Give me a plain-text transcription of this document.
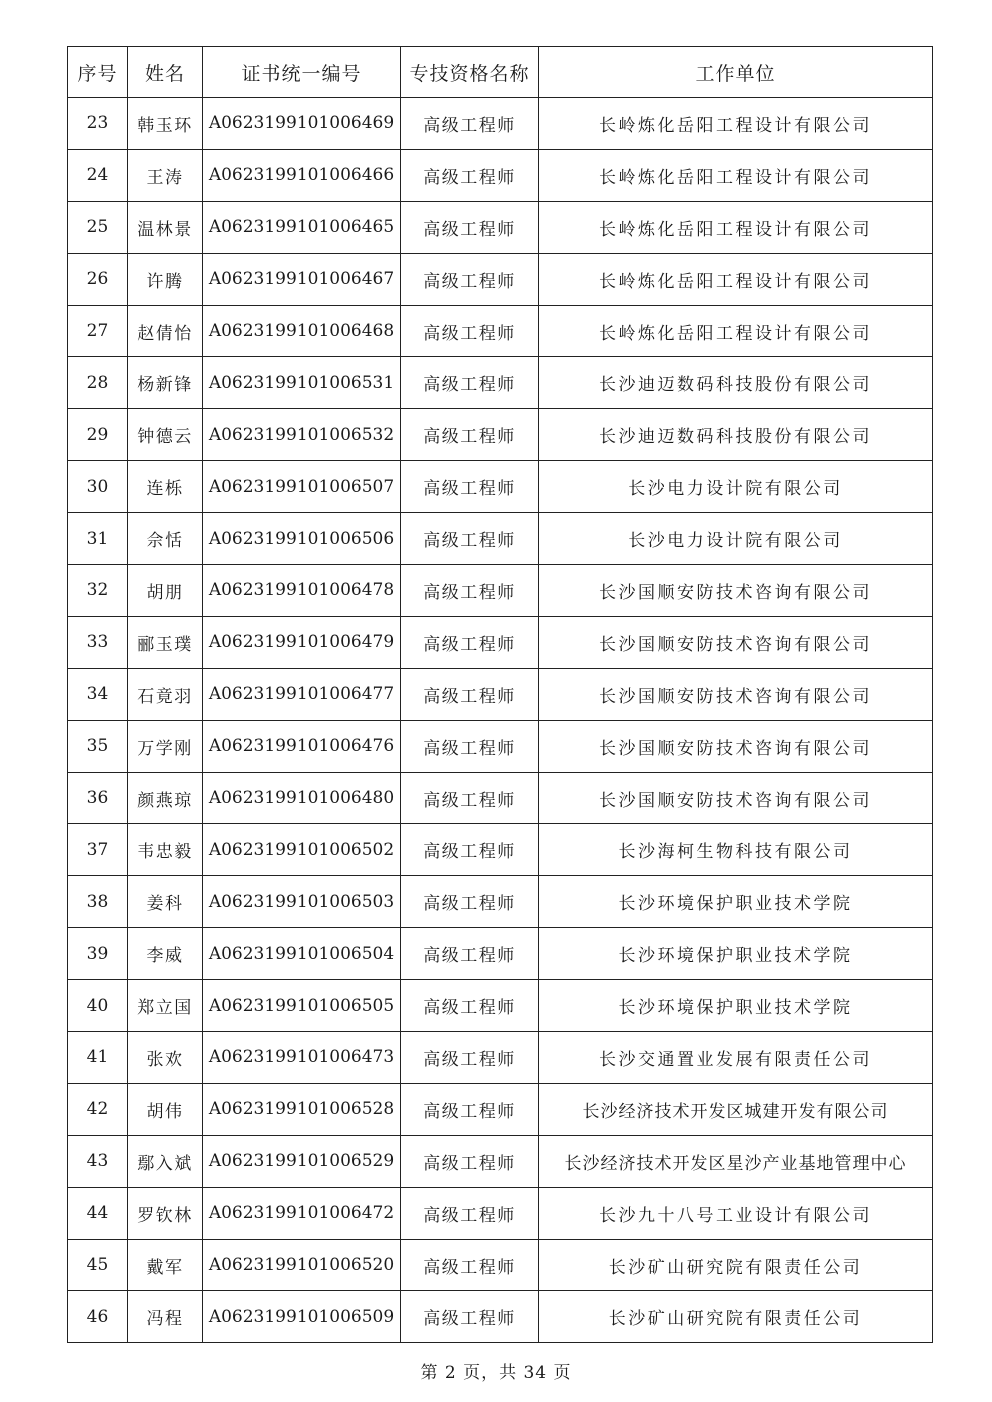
序号	姓名	证书统一编号	专技资格名称	工作单位
23	韩玉环	A0623199101006469	高级工程师	长岭炼化岳阳工程设计有限公司
24	王涛	A0623199101006466	高级工程师	长岭炼化岳阳工程设计有限公司
25	温林景	A0623199101006465	高级工程师	长岭炼化岳阳工程设计有限公司
26	许腾	A0623199101006467	高级工程师	长岭炼化岳阳工程设计有限公司
27	赵倩怡	A0623199101006468	高级工程师	长岭炼化岳阳工程设计有限公司
28	杨新锋	A0623199101006531	高级工程师	长沙迪迈数码科技股份有限公司
29	钟德云	A0623199101006532	高级工程师	长沙迪迈数码科技股份有限公司
30	连栎	A0623199101006507	高级工程师	长沙电力设计院有限公司
31	佘恬	A0623199101006506	高级工程师	长沙电力设计院有限公司
32	胡朋	A0623199101006478	高级工程师	长沙国顺安防技术咨询有限公司
33	郦玉璞	A0623199101006479	高级工程师	长沙国顺安防技术咨询有限公司
34	石竟羽	A0623199101006477	高级工程师	长沙国顺安防技术咨询有限公司
35	万学刚	A0623199101006476	高级工程师	长沙国顺安防技术咨询有限公司
36	颜燕琼	A0623199101006480	高级工程师	长沙国顺安防技术咨询有限公司
37	韦忠毅	A0623199101006502	高级工程师	长沙海柯生物科技有限公司
38	姜科	A0623199101006503	高级工程师	长沙环境保护职业技术学院
39	李威	A0623199101006504	高级工程师	长沙环境保护职业技术学院
40	郑立国	A0623199101006505	高级工程师	长沙环境保护职业技术学院
41	张欢	A0623199101006473	高级工程师	长沙交通置业发展有限责任公司
42	胡伟	A0623199101006528	高级工程师	长沙经济技术开发区城建开发有限公司
43	鄢入斌	A0623199101006529	高级工程师	长沙经济技术开发区星沙产业基地管理中心
44	罗钦林	A0623199101006472	高级工程师	长沙九十八号工业设计有限公司
45	戴军	A0623199101006520	高级工程师	长沙矿山研究院有限责任公司
46	冯程	A0623199101006509	高级工程师	长沙矿山研究院有限责任公司
第 2 页，共 34 页
